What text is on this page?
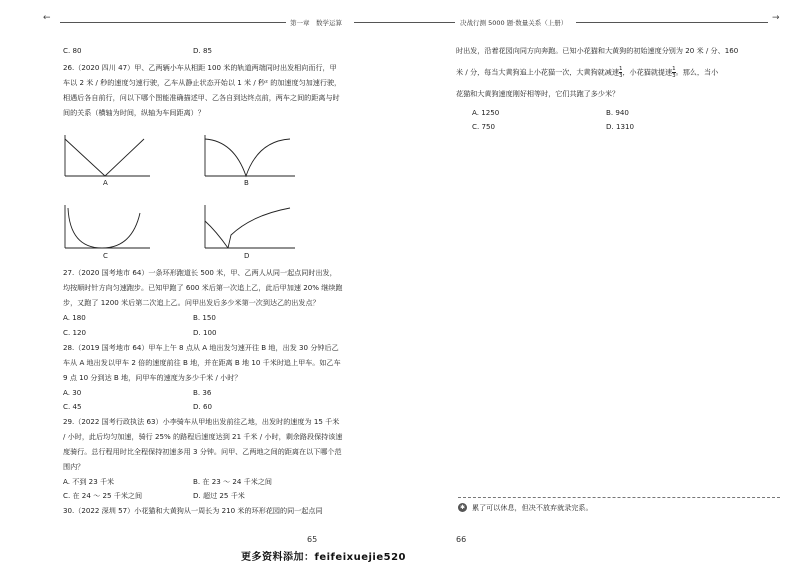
←	第一章　数学运算
C. 80	D. 85
26.（2020 四川 47）甲、乙两辆小车从相距 100 米的轨道两端同时出发相向而行，甲车以 2 米 / 秒的速度匀速行驶，乙车从静止状态开始以 1 米 / 秒² 的加速度匀加速行驶，相遇后各自前行，问以下哪个图能准确描述甲、乙各自到达终点前，两车之间的距离与时间的关系（横轴为时间，纵轴为车间距离）？
A	B
C	D
27.（2020 国考地市 64）一条环形跑道长 500 米，甲、乙两人从同一起点同时出发，均按顺时针方向匀速跑步。已知甲跑了 600 米后第一次追上乙，此后甲加速 20% 继续跑步，又跑了 1200 米后第二次追上乙。问甲出发后多少米第一次到达乙的出发点？
A. 180	B. 150
C. 120	D. 100
28.（2019 国考地市 64）甲车上午 8 点从 A 地出发匀速开往 B 地，出发 30 分钟后乙车从 A 地出发以甲车 2 倍的速度前往 B 地，并在距离 B 地 10 千米时追上甲车。如乙车 9 点 10 分到达 B 地，问甲车的速度为多少千米 / 小时？
A. 30	B. 36
C. 45	D. 60
29.（2022 国考行政执法 63）小李骑车从甲地出发前往乙地，出发时的速度为 15 千米 / 小时，此后均匀加速，骑行 25% 的路程后速度达到 21 千米 / 小时，剩余路段保持该速度骑行。总行程用时比全程保持初速多用 3 分钟。问甲、乙两地之间的距离在以下哪个范围内？
A. 不到 23 千米	B. 在 23 ～ 24 千米之间
C. 在 24 ～ 25 千米之间	D. 超过 25 千米
30.（2022 深圳 57）小花猫和大黄狗从一周长为 210 米的环形花园的同一起点同
65
决战行测 5000 题·数量关系（上册）	→
时出发，沿着花园向同方向奔跑。已知小花猫和大黄狗的初始速度分别为 20 米 / 分、160
米 / 分，每当大黄狗追上小花猫一次，大黄狗就减速 $\frac{1}{3}$ ，小花猫就提速 $\frac{1}{3}$ 。那么，当小
花猫和大黄狗速度刚好相等时，它们共跑了多少米？
A. 1250	B. 940
C. 750	D. 1310
66
✱ 累了可以休息，但决不放弃就录完系。
更多资料添加：feifeixuejie520
